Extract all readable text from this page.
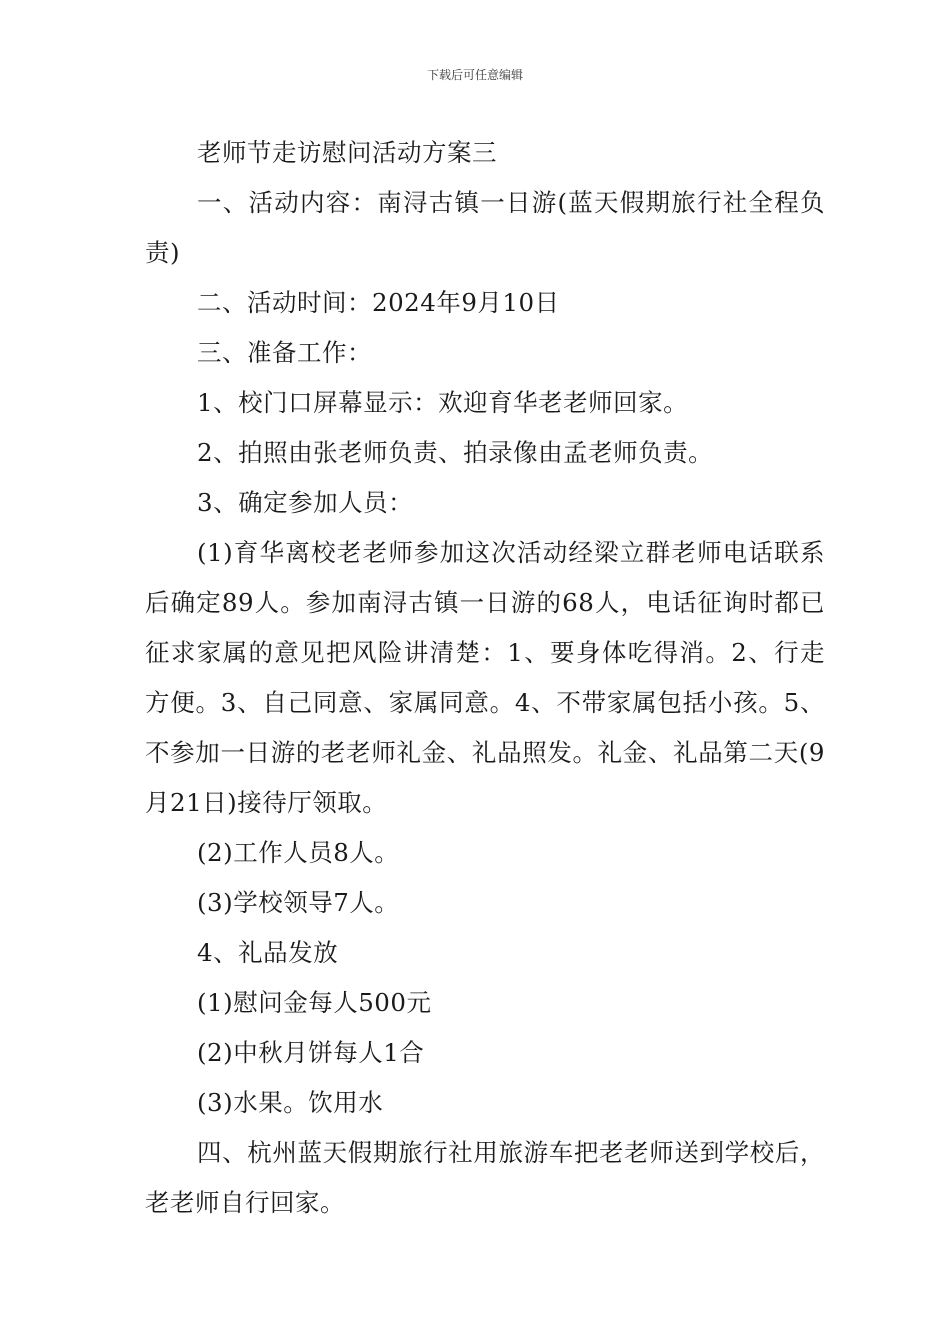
下载后可任意编辑

老师节走访慰问活动方案三

一、活动内容：南浔古镇一日游(蓝天假期旅行社全程负责)

二、活动时间：2024年9月10日

三、准备工作：

1、校门口屏幕显示：欢迎育华老老师回家。

2、拍照由张老师负责、拍录像由孟老师负责。

3、确定参加人员：

(1)育华离校老老师参加这次活动经梁立群老师电话联系后确定89人。参加南浔古镇一日游的68人，电话征询时都已征求家属的意见把风险讲清楚：1、要身体吃得消。2、行走方便。3、自己同意、家属同意。4、不带家属包括小孩。5、不参加一日游的老老师礼金、礼品照发。礼金、礼品第二天(9月21日)接待厅领取。

(2)工作人员8人。

(3)学校领导7人。

4、礼品发放

(1)慰问金每人500元

(2)中秋月饼每人1合

(3)水果。饮用水

四、杭州蓝天假期旅行社用旅游车把老老师送到学校后，老老师自行回家。
